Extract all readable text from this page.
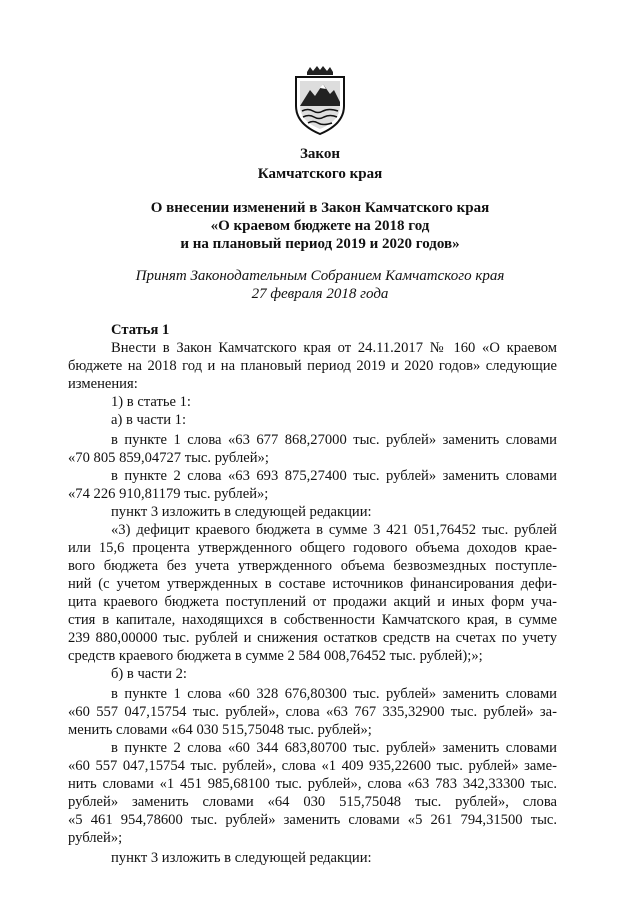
Закон
Камчатского края
О внесении изменений в Закон Камчатского края
«О краевом бюджете на 2018 год
и на плановый период 2019 и 2020 годов»
Принят Законодательным Собранием Камчатского края
27 февраля 2018 года
Статья 1
Внести в Закон Камчатского края от 24.11.2017 № 160 «О краевом
бюджете на 2018 год и на плановый период 2019 и 2020 годов» следующие
изменения:
1) в статье 1:
а) в части 1:
в пункте 1 слова «63 677 868,27000 тыс. рублей» заменить словами
«70 805 859,04727 тыс. рублей»;
в пункте 2 слова «63 693 875,27400 тыс. рублей» заменить словами
«74 226 910,81179 тыс. рублей»;
пункт 3 изложить в следующей редакции:
«3) дефицит краевого бюджета в сумме 3 421 051,76452 тыс. рублей
или 15,6 процента утвержденного общего годового объема доходов крае-
вого бюджета без учета утвержденного объема безвозмездных поступле-
ний (с учетом утвержденных в составе источников финансирования дефи-
цита краевого бюджета поступлений от продажи акций и иных форм уча-
стия в капитале, находящихся в собственности Камчатского края, в сумме
239 880,00000 тыс. рублей и снижения остатков средств на счетах по учету
средств краевого бюджета в сумме 2 584 008,76452 тыс. рублей);»;
б) в части 2:
в пункте 1 слова «60 328 676,80300 тыс. рублей» заменить словами
«60 557 047,15754 тыс. рублей», слова «63 767 335,32900 тыс. рублей» за-
менить словами «64 030 515,75048 тыс. рублей»;
в пункте 2 слова «60 344 683,80700 тыс. рублей» заменить словами
«60 557 047,15754 тыс. рублей», слова «1 409 935,22600 тыс. рублей» заме-
нить словами «1 451 985,68100 тыс. рублей», слова «63 783 342,33300 тыс.
рублей» заменить словами «64 030 515,75048 тыс. рублей», слова
«5 461 954,78600 тыс. рублей» заменить словами «5 261 794,31500 тыс.
рублей»;
пункт 3 изложить в следующей редакции:
